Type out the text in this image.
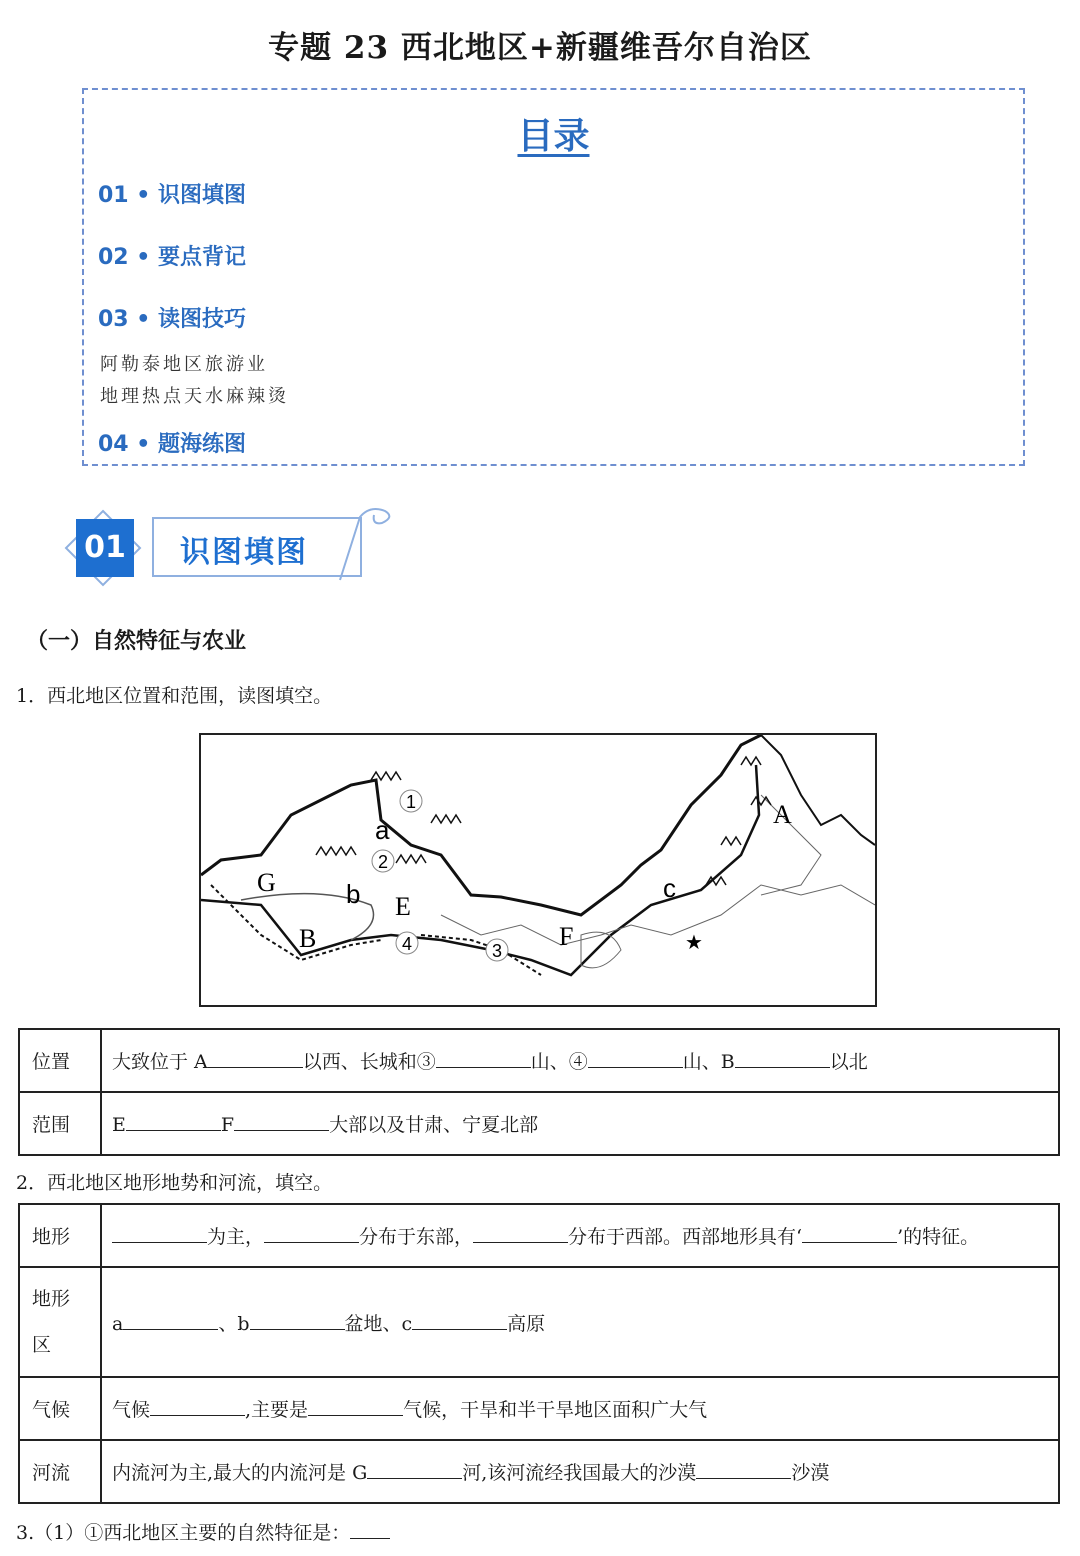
专题 23 西北地区+新疆维吾尔自治区
目录
01 • 识图填图
02 • 要点背记
03 • 读图技巧
阿勒泰地区旅游业
地理热点天水麻辣烫
04 • 题海练图
01 识图填图
（一）自然特征与农业
1．西北地区位置和范围，读图填空。
1
2
3
4
a
b	c
A
B
E
F
G
★
位置	大致位于 A 以西、长城和③ 山、④ 山、B 以北
范围	E F 大部以及甘肃、宁夏北部
2．西北地区地形地势和河流，填空。
地形	为主， 分布于东部， 分布于西部。西部地形具有‘ ’的特征。

地形
区	a 、b 盆地、c 高原
气候	气候 ,主要是 气候，干旱和半干旱地区面积广大气
河流	内流河为主,最大的内流河是 G 河,该河流经我国最大的沙漠 沙漠
3.（1）①西北地区主要的自然特征是：
